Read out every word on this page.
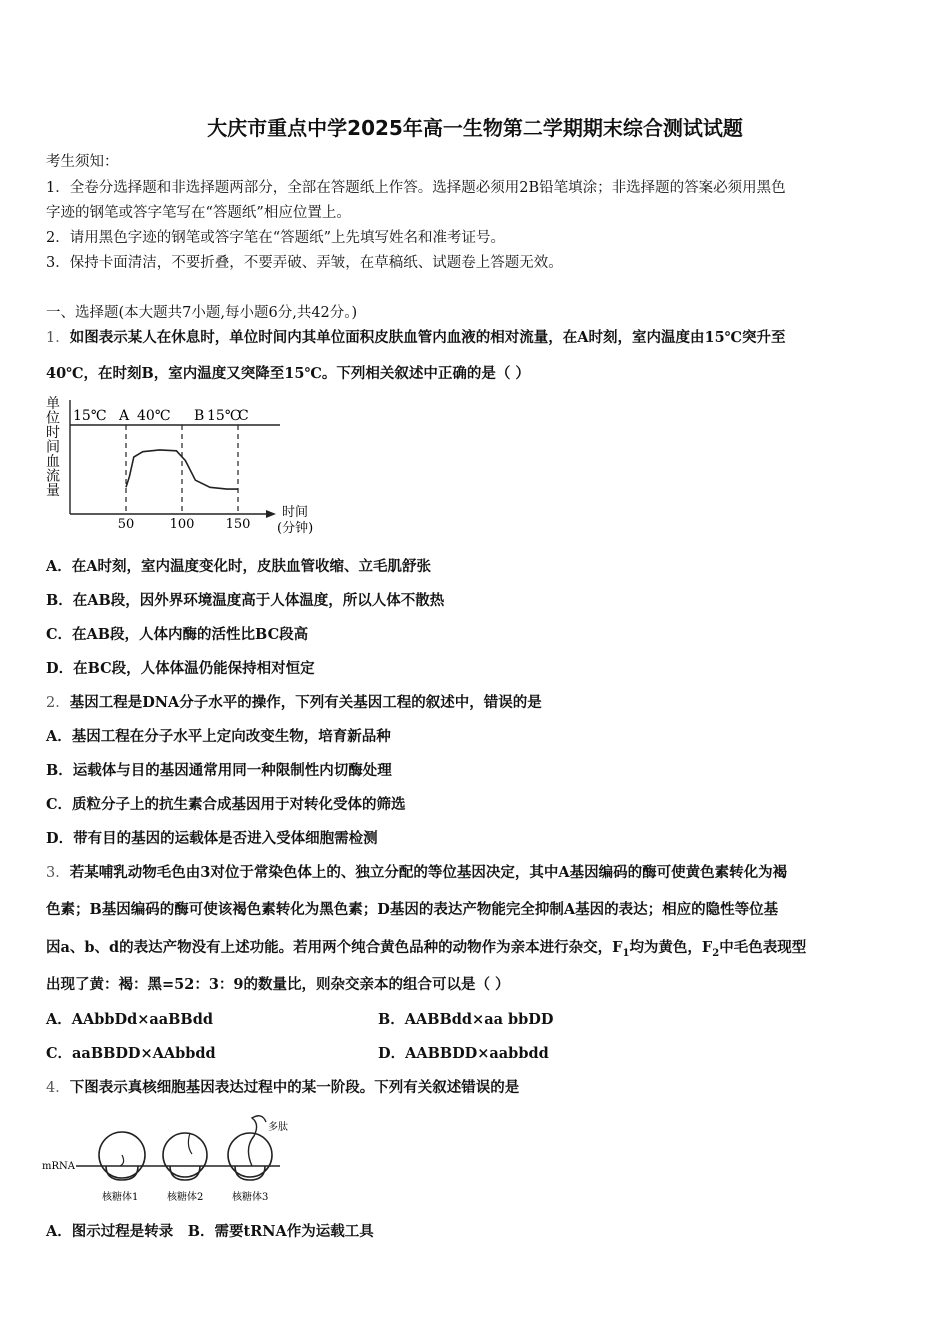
大庆市重点中学2025年高一生物第二学期期末综合测试试题
考生须知：
1．全卷分选择题和非选择题两部分，全部在答题纸上作答。选择题必须用2B铅笔填涂；非选择题的答案必须用黑色
字迹的钢笔或答字笔写在“答题纸”相应位置上。
2．请用黑色字迹的钢笔或答字笔在“答题纸”上先填写姓名和准考证号。
3．保持卡面清洁，不要折叠，不要弄破、弄皱，在草稿纸、试题卷上答题无效。
一、选择题(本大题共7小题,每小题6分,共42分。)
1．如图表示某人在休息时，单位时间内其单位面积皮肤血管内血液的相对流量，在A时刻，室内温度由15℃突升至
40℃，在时刻B，室内温度又突降至15℃。下列相关叙述中正确的是（ ）
单
位
时
间
血
流
量
15℃ A 40℃ B 15℃
C
50	100 150
时间
(分钟)
A．在A时刻，室内温度变化时，皮肤血管收缩、立毛肌舒张
B．在AB段，因外界环境温度高于人体温度，所以人体不散热
C．在AB段，人体内酶的活性比BC段高
D．在BC段，人体体温仍能保持相对恒定
2．基因工程是DNA分子水平的操作，下列有关基因工程的叙述中，错误的是
A．基因工程在分子水平上定向改变生物，培育新品种
B．运载体与目的基因通常用同一种限制性内切酶处理
C．质粒分子上的抗生素合成基因用于对转化受体的筛选
D．带有目的基因的运载体是否进入受体细胞需检测
3．若某哺乳动物毛色由3对位于常染色体上的、独立分配的等位基因决定，其中A基因编码的酶可使黄色素转化为褐
色素；B基因编码的酶可使该褐色素转化为黑色素；D基因的表达产物能完全抑制A基因的表达；相应的隐性等位基
因a、b、d的表达产物没有上述功能。若用两个纯合黄色品种的动物作为亲本进行杂交，$F_1$均为黄色，$F_2$中毛色表现型
出现了黄：褐：黑=52：3：9的数量比，则杂交亲本的组合可以是（ ）
A．AAbbDd×aaBBdd	B．AABBdd×aa bbDD
C．aaBBDD×AAbbdd	D．AABBDD×aabbdd
4．下图表示真核细胞基因表达过程中的某一阶段。下列有关叙述错误的是
mRNA
多肽
核糖体1	核糖体2	核糖体3
A．图示过程是转录　B．需要tRNA作为运载工具
